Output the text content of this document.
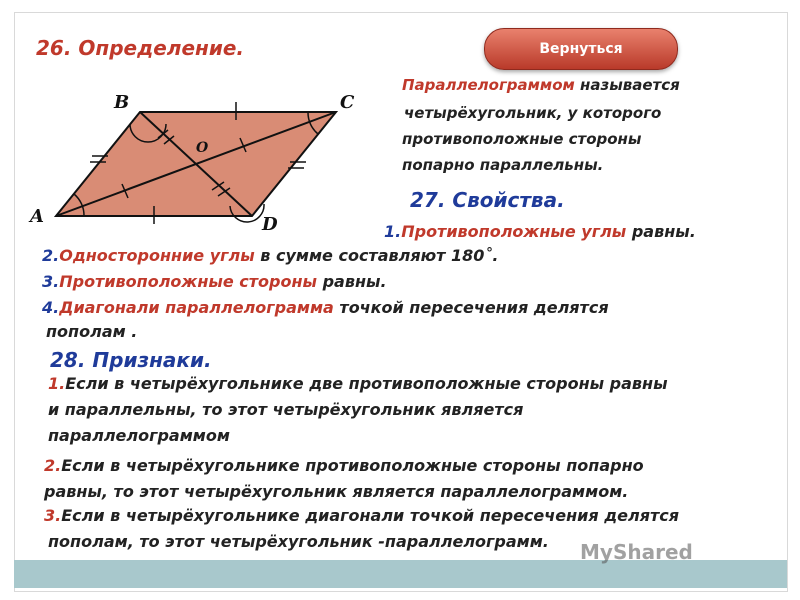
26. Определение.	Вернуться
A
B	C
D
O
Параллелограммом называется
четырёхугольник, у которого
противоположные стороны
попарно параллельны.
27. Свойства.
1.Противоположные углы равны.
2.Односторонние углы в сумме составляют 180˚.
3.Противоположные стороны равны.
4.Диагонали параллелограмма точкой пересечения делятся
пополам .
28. Признаки.
1.Если в четырёхугольнике две противоположные стороны равны
и параллельны, то этот четырёхугольник является
параллелограммом
2.Если в четырёхугольнике противоположные стороны попарно
равны, то этот четырёхугольник является параллелограммом.
3.Если в четырёхугольнике диагонали точкой пересечения делятся
пополам, то этот четырёхугольник -параллелограмм. MyShared
